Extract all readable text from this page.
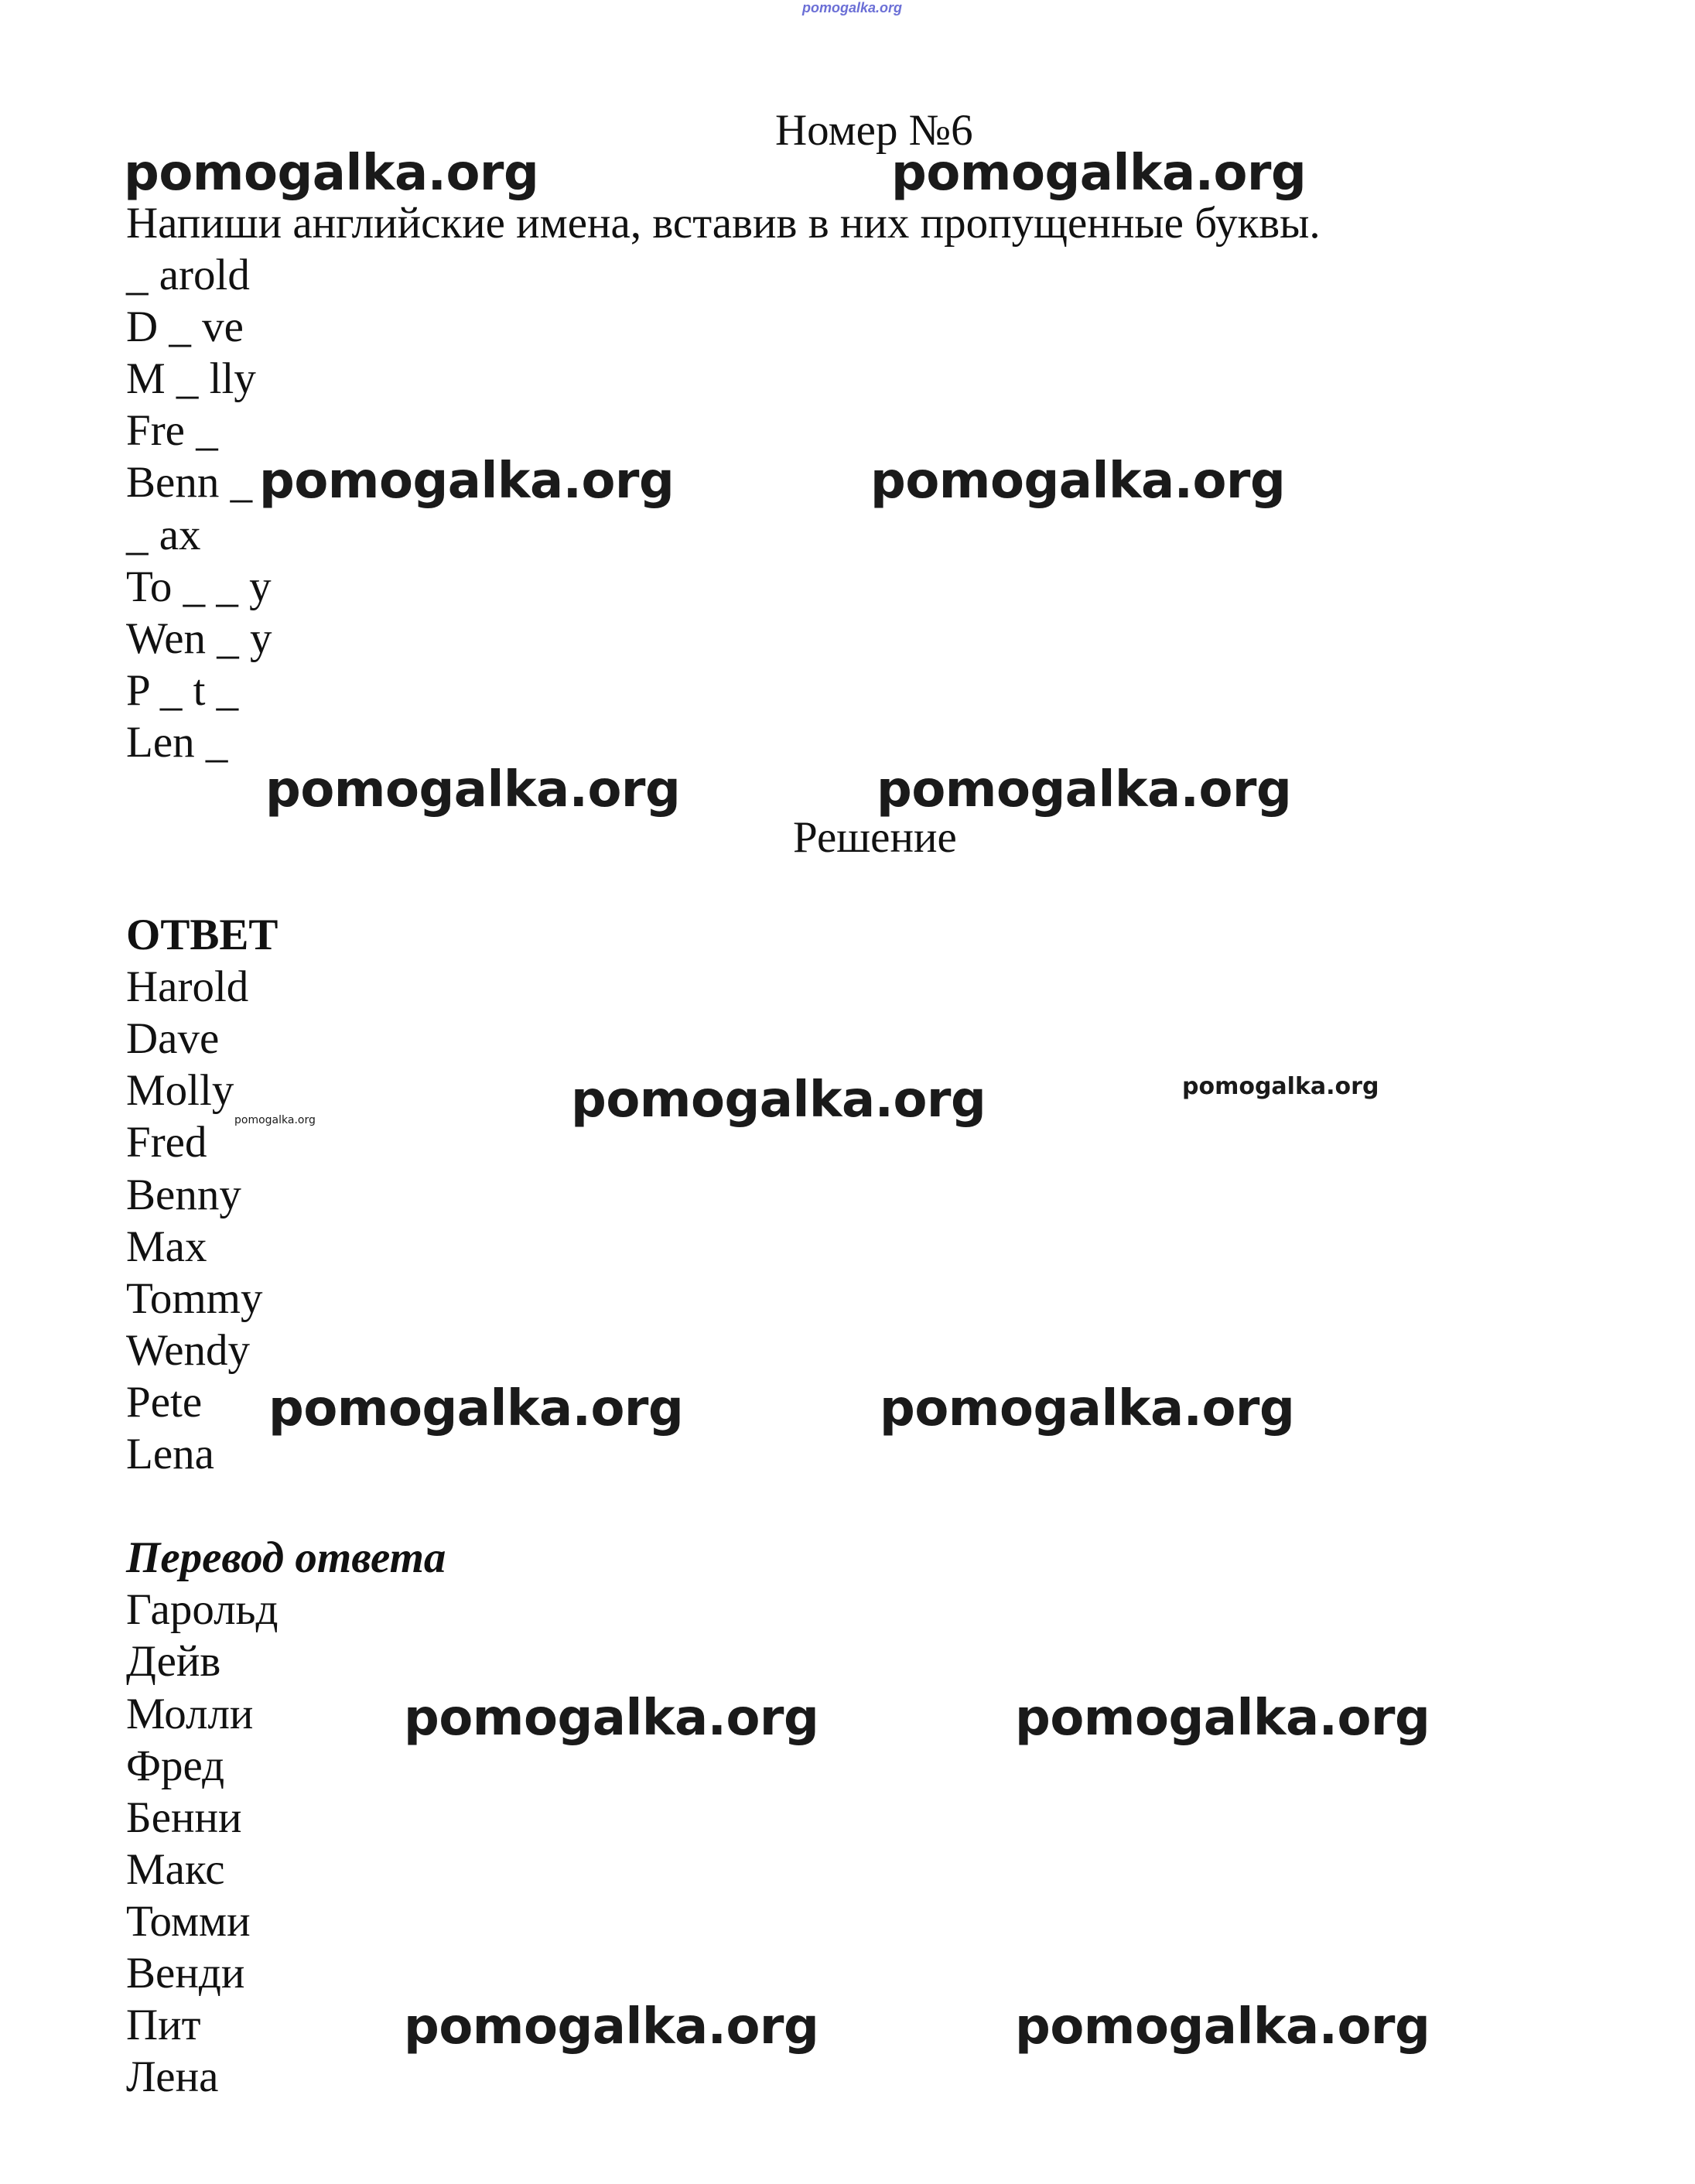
pomogalka.org
Номер №6
Напиши английские имена, вставив в них пропущенные буквы.
_ arold
D _ ve
M _ lly
Fre _
Benn _
_ ax
To _ _ y
Wen _ y
P _ t _
Len _
Решение
ОТВЕТ
Harold
Dave
Molly
Fred
Benny
Max
Tommy
Wendy
Pete
Lena
Перевод ответа
Гарольд
Дейв
Молли
Фред
Бенни
Макс
Томми
Венди
Пит
Лена
pomogalka.org	pomogalka.org
pomogalka.org	pomogalka.org
pomogalka.org	pomogalka.org
pomogalka.org	pomogalka.org
pomogalka.org
pomogalka.org	pomogalka.org
pomogalka.org	pomogalka.org
pomogalka.org	pomogalka.org
